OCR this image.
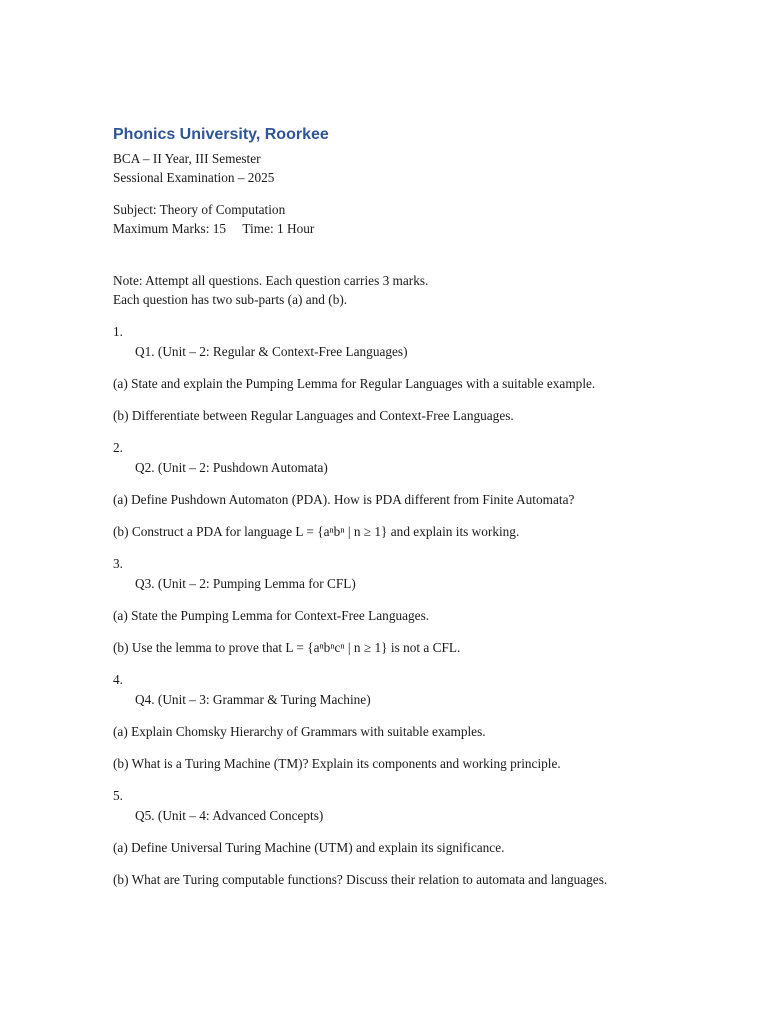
Phonics University, Roorkee

BCA – II Year, III Semester

Sessional Examination – 2025

Subject: Theory of Computation

Maximum Marks: 15     Time: 1 Hour

Note: Attempt all questions. Each question carries 3 marks.

Each question has two sub-parts (a) and (b).

1.

Q1. (Unit – 2: Regular & Context-Free Languages)

(a) State and explain the Pumping Lemma for Regular Languages with a suitable example.

(b) Differentiate between Regular Languages and Context-Free Languages.

2.

Q2. (Unit – 2: Pushdown Automata)

(a) Define Pushdown Automaton (PDA). How is PDA different from Finite Automata?

(b) Construct a PDA for language L = {aⁿbⁿ | n ≥ 1} and explain its working.

3.

Q3. (Unit – 2: Pumping Lemma for CFL)

(a) State the Pumping Lemma for Context-Free Languages.

(b) Use the lemma to prove that L = {aⁿbⁿcⁿ | n ≥ 1} is not a CFL.

4.

Q4. (Unit – 3: Grammar & Turing Machine)

(a) Explain Chomsky Hierarchy of Grammars with suitable examples.

(b) What is a Turing Machine (TM)? Explain its components and working principle.

5.

Q5. (Unit – 4: Advanced Concepts)

(a) Define Universal Turing Machine (UTM) and explain its significance.

(b) What are Turing computable functions? Discuss their relation to automata and languages.
